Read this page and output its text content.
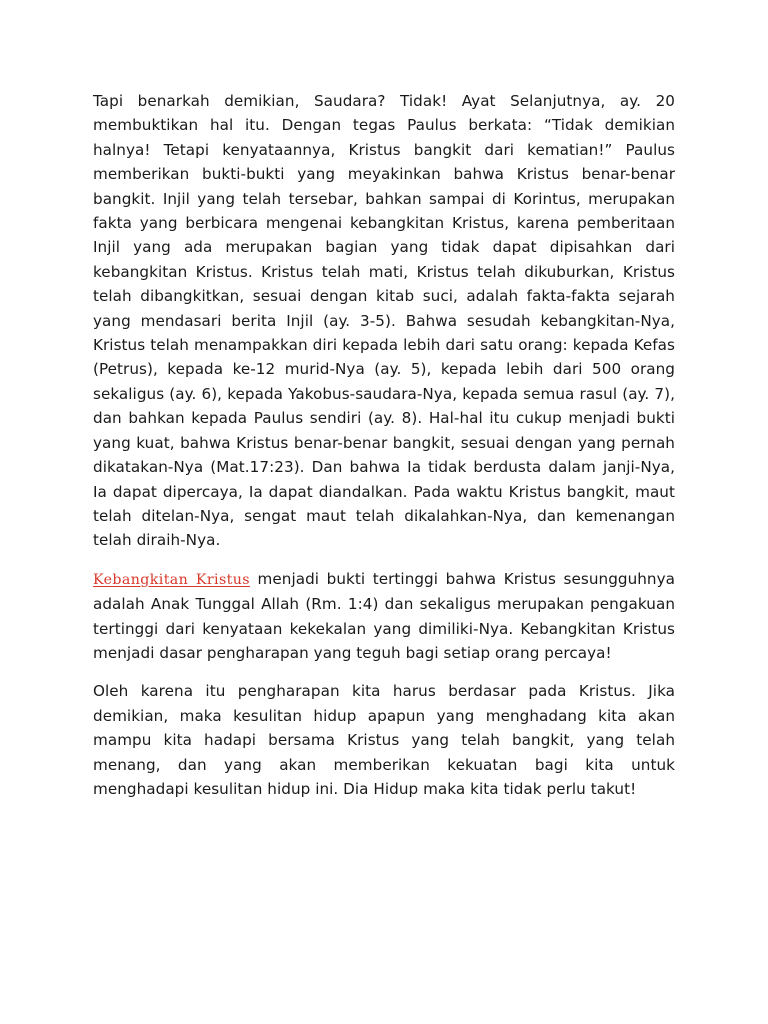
Tapi benarkah demikian, Saudara? Tidak! Ayat Selanjutnya, ay. 20 membuktikan hal itu. Dengan tegas Paulus berkata: “Tidak demikian halnya! Tetapi kenyataannya, Kristus bangkit dari kematian!” Paulus memberikan bukti-bukti yang meyakinkan bahwa Kristus benar-benar bangkit. Injil yang telah tersebar, bahkan sampai di Korintus, merupakan fakta yang berbicara mengenai kebangkitan Kristus, karena pemberitaan Injil yang ada merupakan bagian yang tidak dapat dipisahkan dari kebangkitan Kristus. Kristus telah mati, Kristus telah dikuburkan, Kristus telah dibangkitkan, sesuai dengan kitab suci, adalah fakta-fakta sejarah yang mendasari berita Injil (ay. 3-5). Bahwa sesudah kebangkitan-Nya, Kristus telah menampakkan diri kepada lebih dari satu orang: kepada Kefas (Petrus), kepada ke-12 murid-Nya (ay. 5), kepada lebih dari 500 orang sekaligus (ay. 6), kepada Yakobus-saudara-Nya, kepada semua rasul (ay. 7), dan bahkan kepada Paulus sendiri (ay. 8). Hal-hal itu cukup menjadi bukti yang kuat, bahwa Kristus benar-benar bangkit, sesuai dengan yang pernah dikatakan-Nya (Mat.17:23). Dan bahwa Ia tidak berdusta dalam janji-Nya, Ia dapat dipercaya, Ia dapat diandalkan. Pada waktu Kristus bangkit, maut telah ditelan-Nya, sengat maut telah dikalahkan-Nya, dan kemenangan telah diraih-Nya.

Kebangkitan Kristus menjadi bukti tertinggi bahwa Kristus sesungguhnya adalah Anak Tunggal Allah (Rm. 1:4) dan sekaligus merupakan pengakuan tertinggi dari kenyataan kekekalan yang dimiliki-Nya. Kebangkitan Kristus menjadi dasar pengharapan yang teguh bagi setiap orang percaya!

Oleh karena itu pengharapan kita harus berdasar pada Kristus. Jika demikian, maka kesulitan hidup apapun yang menghadang kita akan mampu kita hadapi bersama Kristus yang telah bangkit, yang telah menang, dan yang akan memberikan kekuatan bagi kita untuk menghadapi kesulitan hidup ini. Dia Hidup maka kita tidak perlu takut!
